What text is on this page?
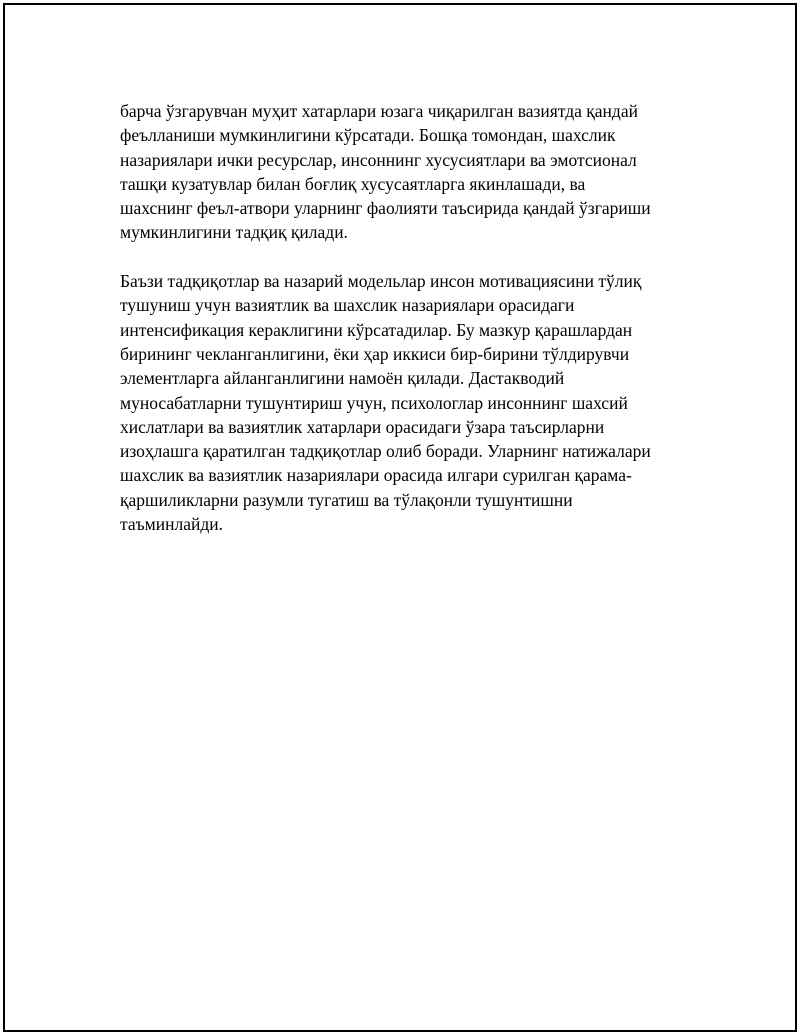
барча ўзгарувчан муҳит хатарлари юзага чиқарилган вазиятда қандай
феълланиши мумкинлигини кўрсатади. Бошқа томондан, шахслик
назариялари ички ресурслар, инсоннинг хусусиятлари ва эмотсионал
ташқи кузатувлар билан боғлиқ хусусаятларга якинлашади, ва
шахснинг феъл-атвори уларнинг фаолияти таъсирида қандай ўзгариши
мумкинлигини тадқиқ қилади.
Баъзи тадқиқотлар ва назарий модельлар инсон мотивациясини тўлиқ
тушуниш учун вазиятлик ва шахслик назариялари орасидаги
интенсификация кераклигини кўрсатадилар. Бу мазкур қарашлардан
бирининг чекланганлигини, ёки ҳар иккиси бир-бирини тўлдирувчи
элементларга айланганлигини намоён қилади. Дастакводий
муносабатларни тушунтириш учун, психологлар инсоннинг шахсий
хислатлари ва вазиятлик хатарлари орасидаги ўзара таъсирларни
изоҳлашга қаратилган тадқиқотлар олиб боради. Уларнинг натижалари
шахслик ва вазиятлик назариялари орасида илгари сурилган қарама-
қаршиликларни разумли тугатиш ва тўлақонли тушунтишни
таъминлайди.
